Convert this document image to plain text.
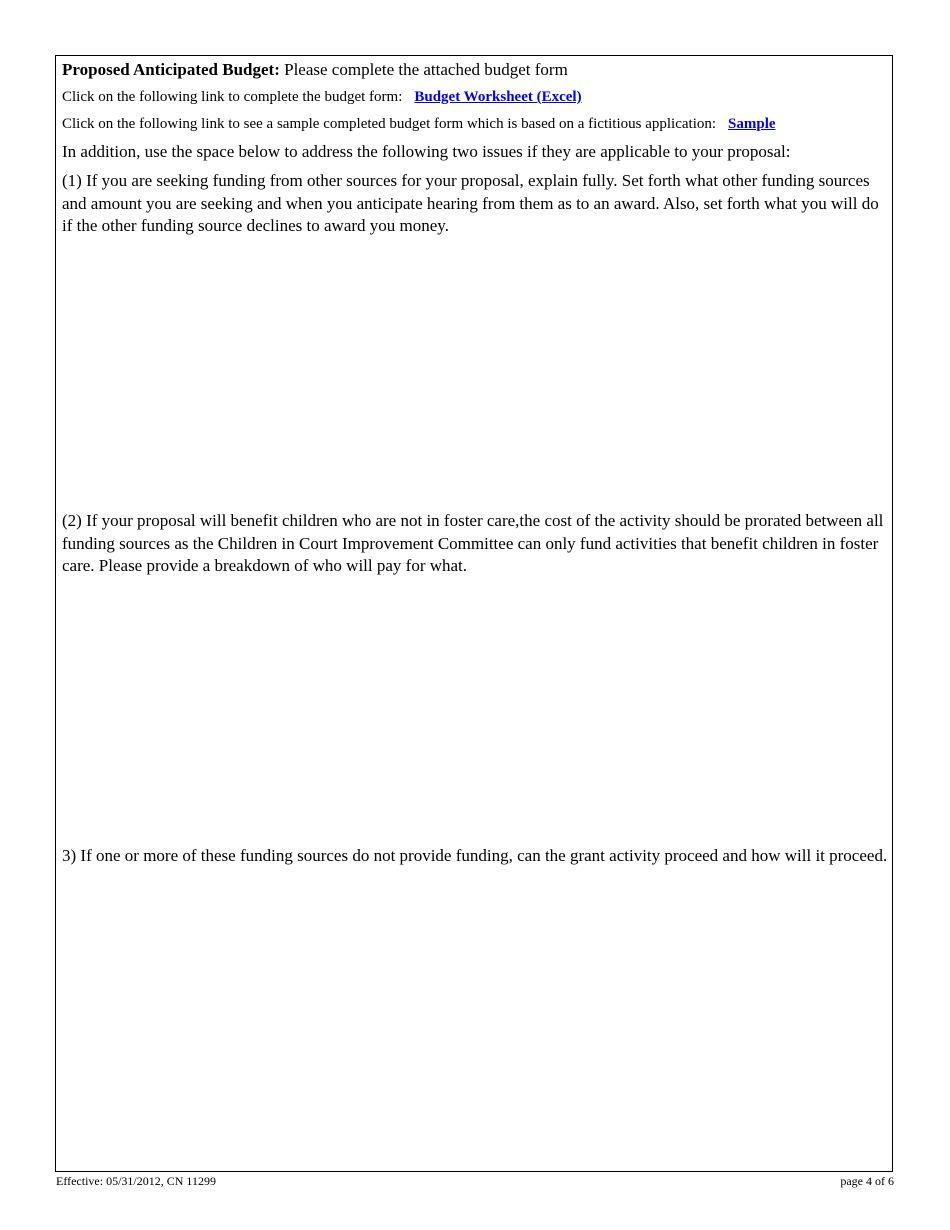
Proposed Anticipated Budget: Please complete the attached budget form
Click on the following link to complete the budget form: Budget Worksheet (Excel)
Click on the following link to see a sample completed budget form which is based on a fictitious application: Sample
In addition, use the space below to address the following two issues if they are applicable to your proposal:
(1) If you are seeking funding from other sources for your proposal, explain fully. Set forth what other funding sources and amount you are seeking and when you anticipate hearing from them as to an award. Also, set forth what you will do if the other funding source declines to award you money.
(2) If your proposal will benefit children who are not in foster care,the cost of the activity should be prorated between all funding sources as the Children in Court Improvement Committee can only fund activities that benefit children in foster care. Please provide a breakdown of who will pay for what.
3) If one or more of these funding sources do not provide funding, can the grant activity proceed and how will it proceed.
Effective: 05/31/2012, CN 11299	page 4 of 6
